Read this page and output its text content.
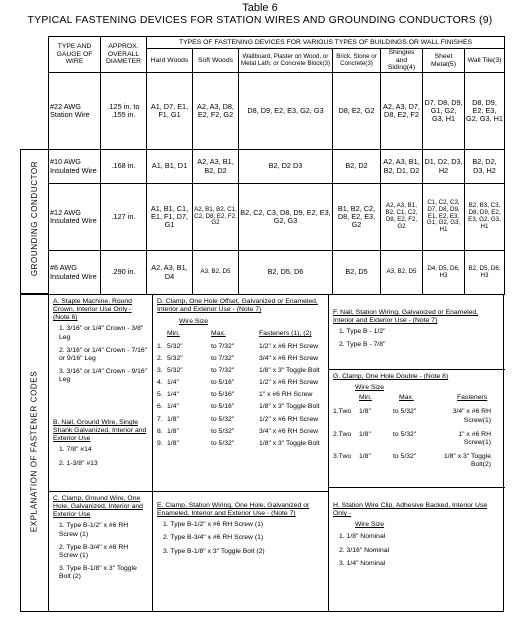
Table 6
TYPICAL FASTENING DEVICES FOR STATION WIRES AND GROUNDING CONDUCTORS (9)
GROUNDING CONDUCTOR
EXPLANATION OF FASTENER CODES
TYPE AND GAUGE OF WIRE	APPROX. OVERALL DIAMETER	TYPES OF FASTENING DEVICES FOR VARIOUS TYPES OF BUILDINGS OR WALL FINISHES						
		Hard Woods	Soft Woods	Wallboard, Plaster on Wood, or Metal Lath, or Concrete Block(3)	Brick, Stone or Concrete(3)	Shingles and Siding(4)	Sheet Metal(5)	Wall Tile(3)
#22 AWG Station Wire	.125 in. to .155 in.	A1, D7, E1, F1, G1	A2, A3, D8, E2, F2, G2	D8, D9, E2, E3, G2, G3	D8, E2, G2	A2, A3, D7, D8, E2, F2	D7, D8, D9, G1, G2, G3, H1	D8, D9, E2, E3, G2, G3, H1
#10 AWG Insulated Wire	.168 in.	A1, B1, D1	A2, A3, B1, B2, D2	B2, D2 D3	B2, D2	A2, A3, B1, B2, D1, D2	D1, D2, D3, H2	B2, D2, D3, H2
#12 AWG Insulated Wire	.127 in.	A1, B1, C1, E1, F1, D7, G1	A2, B1, B2, C1, C2, D8, E2, F2, G2	B2, C2, C3, D8, D9, E2, E3, G2, G3	B1, B2, C2, D8, E2, E3, G2	A2, A3, B1, B2, C1, C2, D8, E2, F2, G2	C1, C2, C3, D7, D8, D9, E1, E2, E3, G1, G2, G3, H1	B2, B3, C3, D8, D9, E2, E3, G2, G3, H1
#6 AWG Insulated Wire	.290 in.	A2, A3, B1, D4	A3, B2, D5	B2, D5, D6	B2, D5	A3, B2, D5	D4, D5, D6, H3	B2, D5, D6, H3
A. Staple Machine, Round Crown, Interior Use Only - (Note 6)
1. 3/16" or 1/4" Crown - 3/8" Leg
2. 3/16" or 1/4" Crown - 7/16" or 9/16" Leg
3. 3/16" or 1/4" Crown - 9/16" Leg
B. Nail, Ground Wire, Single Shank Galvanized, Interior and Exterior Use
1. 7/8" #14
2. 1-3/8" #13
C. Clamp, Ground Wire, One Hole, Galvanized, Interior and Exterior Use
1. Type B-1/2" x #6 RH Screw (1)
2. Type B-3/4" x #8 RH Screw (1)
3. Type B-1/8" x 3" Toggle Bolt (2)
D. Clamp, One Hole Offset, Galvanized or Enameled, Interior and Exterior Use - (Note 7)
Wire Size
Min.	Max.	Fasteners (1), (2)
1. 5/32"	to 7/32"	1/2" x #6 RH Screw
2. 5/32"	to 7/32"	3/4" x #6 RH Screw
3. 5/32"	to 7/32"	1/8" x 3" Toggle Bolt
4. 1/4"	to 5/16"	1/2" x #6 RH Screw
5. 1/4"	to 5/16"	1" x #6 RH Screw
6. 1/4"	to 5/16"	1/8" x 3" Toggle Bolt
7. 1/8"	to 5/32"	1/2" x #6 RH Screw
8. 1/8"	to 5/32"	3/4" x #6 RH Screw
9. 1/8"	to 5/32"	1/8" x 3" Toggle Bolt
E. Clamp, Station Wiring, One Hole, Galvanized or Enameled, Interior and Exterior Use - (Note 7)
1. Type B-1/2" x #6 RH Screw (1)
2. Type B-3/4" x #6 RH Screw (1)
3. Type B-1/8" x 3" Toggle Bolt (2)
F. Nail, Station Wiring, Galvanized or Enameled, Interior and Exterior Use - (Note 7)
1. Type B - 1/2"
2. Type B - 7/8"
G. Clamp, One Hole Double - (Note 8)
Wire Size
Min.	Max.	Fasteners
1.Two	1/8"	to 5/32"	3/4" x #6 RH Screw(1)
2.Two	1/8"	to 5/32"	1" x #6 RH Screw(1)
3.Two	1/8"	to 5/32"	1/8" x 3" Toggle Bolt(2)
H. Station Wire Clip, Adhesive Backed, Interior Use Only -
Wire Size
1. 1/8" Nominal
2. 3/16" Nominal
3. 1/4" Nominal
